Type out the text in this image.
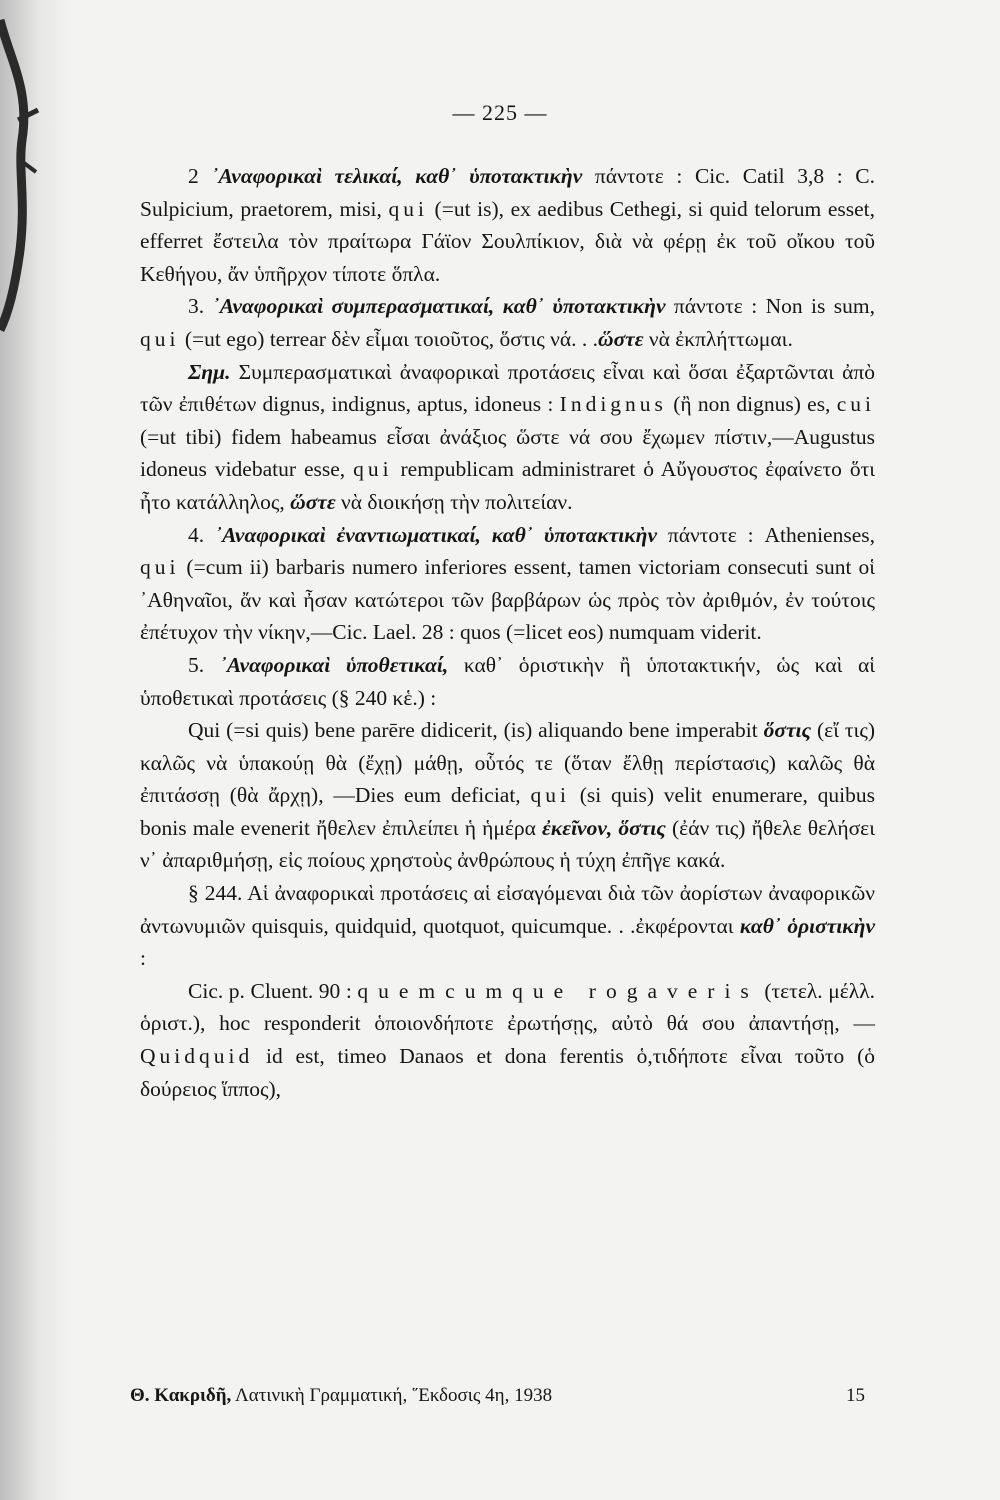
— 225 —

2 ᾿Αναφορικαὶ τελικαί, καθ᾿ ὑποτακτικὴν πάντοτε : Cic. Catil 3,8 : C. Sulpicium, praetorem, misi, qui (=ut is), ex aedibus Cethegi, si quid telorum esset, efferret ἔστειλα τὸν πραίτωρα Γάϊον Σουλπίκιον, διὰ νὰ φέρῃ ἐκ τοῦ οἴκου τοῦ Κεθήγου, ἄν ὑπῆρχον τίποτε ὅπλα.

3. ᾿Αναφορικαὶ συμπερασματικαί, καθ᾿ ὑποτακτικὴν πάντοτε : Non is sum, qui (=ut ego) terrear δὲν εἶμαι τοιοῦτος, ὅστις νά. . .ὥστε νὰ ἐκπλήττωμαι.

Σημ. Συμπερασματικαὶ ἀναφορικαὶ προτάσεις εἶναι καὶ ὅσαι ἐξαρτῶνται ἀπὸ τῶν ἐπιθέτων dignus, indignus, aptus, idoneus : Indignus (ἢ non dignus) es, cui (=ut tibi) fidem habeamus εἶσαι ἀνάξιος ὥστε νά σου ἔχωμεν πίστιν,—Augustus idoneus videbatur esse, qui rempublicam administraret ὁ Αὔγουστος ἐφαίνετο ὅτι ἦτο κατάλληλος, ὥστε νὰ διοικήσῃ τὴν πολιτείαν.

4. ᾿Αναφορικαὶ ἐναντιωματικαί, καθ᾿ ὑποτακτικὴν πάντοτε : Athenienses, qui (=cum ii) barbaris numero inferiores essent, tamen victoriam consecuti sunt οἱ ᾿Αθηναῖοι, ἄν καὶ ἦσαν κατώτεροι τῶν βαρβάρων ὡς πρὸς τὸν ἀριθμόν, ἐν τούτοις ἐπέτυχον τὴν νίκην,—Cic. Lael. 28 : quos (=licet eos) numquam viderit.

5. ᾿Αναφορικαὶ ὑποθετικαί, καθ᾿ ὁριστικὴν ἢ ὑποτακτικήν, ὡς καὶ αἱ ὑποθετικαὶ προτάσεις (§ 240 κἑ.) :

Qui (=si quis) bene parēre didicerit, (is) aliquando bene imperabit ὅστις (εἴ τις) καλῶς νὰ ὑπακούῃ θὰ (ἔχῃ) μάθῃ, οὗτός τε (ὅταν ἔλθῃ περίστασις) καλῶς θὰ ἐπιτάσσῃ (θὰ ἄρχῃ), —Dies eum deficiat, qui (si quis) velit enumerare, quibus bonis male evenerit ἤθελεν ἐπιλείπει ἡ ἡμέρα ἐκεῖνον, ὅστις (ἐάν τις) ἤθελε θελήσει ν᾿ ἀπαριθμήσῃ, εἰς ποίους χρηστοὺς ἀνθρώπους ἡ τύχη ἐπῆγε κακά.

§ 244. Αἱ ἀναφορικαὶ προτάσεις αἱ εἰσαγόμεναι διὰ τῶν ἀορίστων ἀναφορικῶν ἀντωνυμιῶν quisquis, quidquid, quotquot, quicumque. . .ἐκφέρονται καθ᾿ ὁριστικὴν :

Cic. p. Cluent. 90 : quemcumque rogaveris (τετελ. μέλλ. ὁριστ.), hoc responderit ὁποιονδήποτε ἐρωτήσῃς, αὐτὸ θά σου ἀπαντήσῃ, — Quidquid id est, timeo Danaos et dona ferentis ὁ,τιδήποτε εἶναι τοῦτο (ὁ δούρειος ἵππος),

Θ. Κακριδῆ, Λατινικὴ Γραμματική, ῞Εκδοσις 4η, 1938	15
